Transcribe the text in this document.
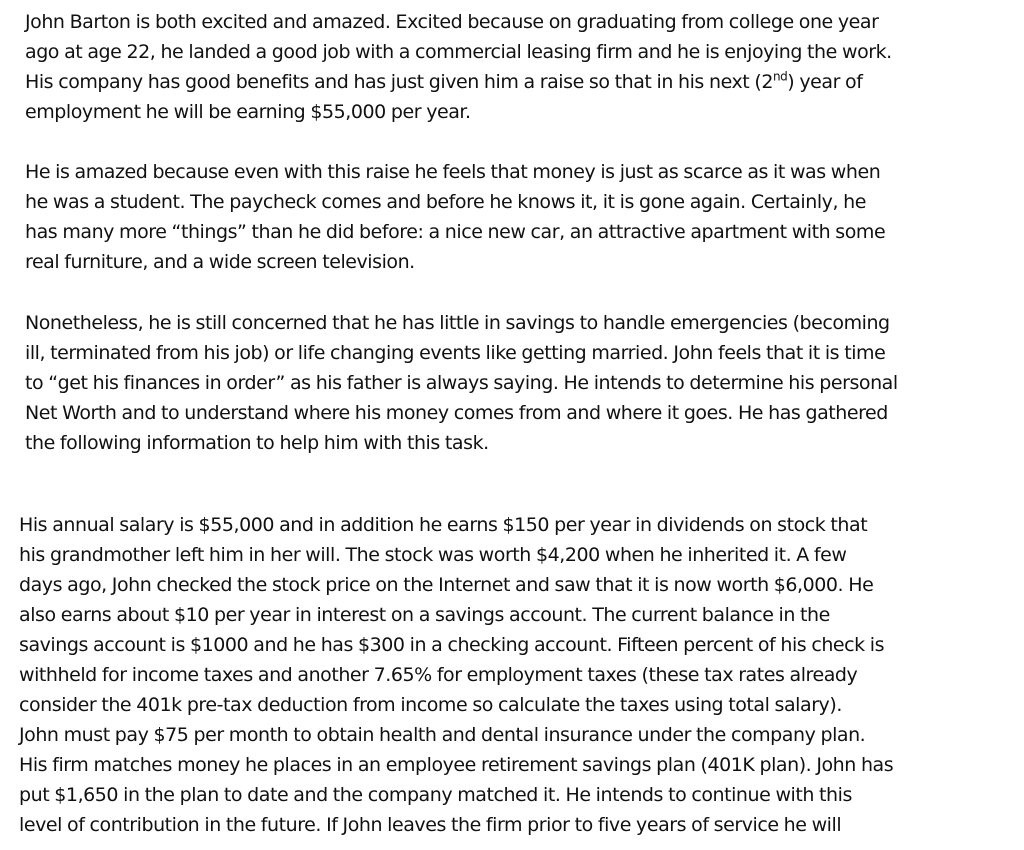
John Barton is both excited and amazed. Excited because on graduating from college one year
ago at age 22, he landed a good job with a commercial leasing firm and he is enjoying the work.
His company has good benefits and has just given him a raise so that in his next (2nd) year of
employment he will be earning $55,000 per year.

He is amazed because even with this raise he feels that money is just as scarce as it was when
he was a student. The paycheck comes and before he knows it, it is gone again. Certainly, he
has many more “things” than he did before: a nice new car, an attractive apartment with some
real furniture, and a wide screen television.

Nonetheless, he is still concerned that he has little in savings to handle emergencies (becoming
ill, terminated from his job) or life changing events like getting married. John feels that it is time
to “get his finances in order” as his father is always saying. He intends to determine his personal
Net Worth and to understand where his money comes from and where it goes. He has gathered
the following information to help him with this task.

His annual salary is $55,000 and in addition he earns $150 per year in dividends on stock that
his grandmother left him in her will. The stock was worth $4,200 when he inherited it. A few
days ago, John checked the stock price on the Internet and saw that it is now worth $6,000. He
also earns about $10 per year in interest on a savings account. The current balance in the
savings account is $1000 and he has $300 in a checking account. Fifteen percent of his check is
withheld for income taxes and another 7.65% for employment taxes (these tax rates already
consider the 401k pre-tax deduction from income so calculate the taxes using total salary).
John must pay $75 per month to obtain health and dental insurance under the company plan.
His firm matches money he places in an employee retirement savings plan (401K plan). John has
put $1,650 in the plan to date and the company matched it. He intends to continue with this
level of contribution in the future. If John leaves the firm prior to five years of service he will
